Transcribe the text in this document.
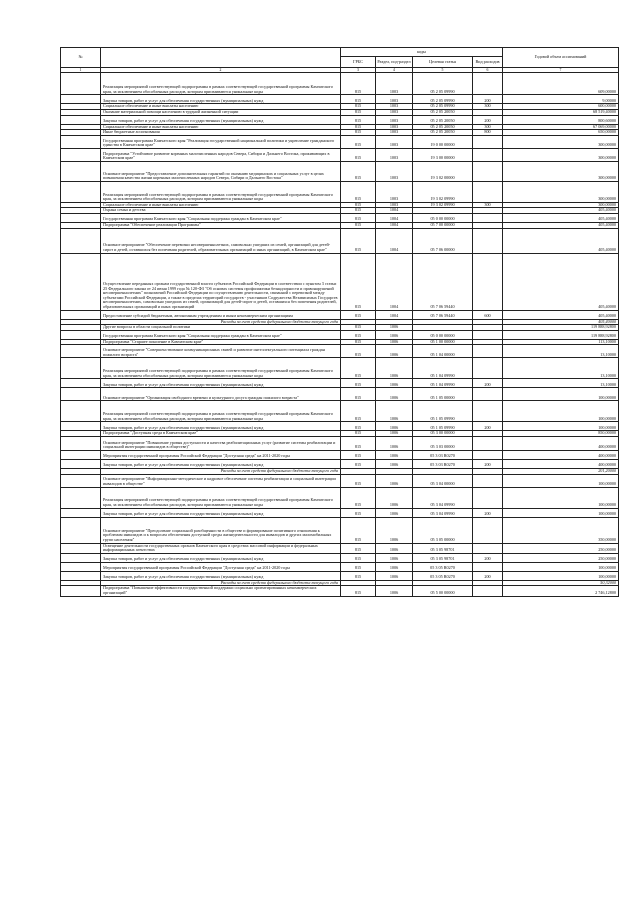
№		коды				Годовой объем ассигнований
		ГРБС	Раздел, под-раздел	Целевая статья	Вид расходов	
1	2	3	4	5	6	7
	Реализация мероприятий соответствующей подпрограммы в рамках соответствующей государственной программы Камчатского края, за исключением обособленных расходов, которым присваиваются уникальные коды	815	1003	05 2 05 09990		609,00000
	Закупка товаров, работ и услуг для обеспечения государственных (муниципальных) нужд	815	1003	05 2 05 09990	200	9,00000
	Социальное обеспечение и иные выплаты населению	815	1003	05 2 05 09990	300	600,00000
	Оказание материальной помощи населению в трудной жизненной ситуации	815	1003	05 2 05 20050		68 519,40000
	Закупка товаров, работ и услуг для обеспечения государственных (муниципальных) нужд	815	1003	05 2 05 20050	200	800,60000
	Социальное обеспечение и иные выплаты населению	815	1003	05 2 05 20050	300	67 069,00000
	Иные бюджетные ассигнования	815	1003	05 2 05 20050	800	650,00000
	Государственная программа Камчатского края "Реализация государственной национальной политики и укрепление гражданского единства в Камчатском крае"	815	1003	19 0 00 00000		300,00000
	Подпрограмма "Устойчивое развитие коренных малочисленных народов Севера, Сибири и Дальнего Востока, проживающих в Камчатском крае"	815	1003	19 3 00 00000		300,00000
	Основное мероприятие "Предоставление дополнительных гарантий по оказанию медицинских и социальных услуг в целях повышения качества жизни коренных малочисленных народов Севера, Сибири и Дальнего Востока"	815	1003	19 3 02 00000		300,00000
	Реализация мероприятий соответствующей подпрограммы в рамках соответствующей государственной программы Камчатского края, за исключением обособленных расходов, которым присваиваются уникальные коды	815	1003	19 3 02 09990		300,00000
	Социальное обеспечение и иные выплаты населению	815	1003	19 3 02 09990	300	300,00000
	Охрана семьи и детства	815	1004			405,40000
	Государственная программа Камчатского края "Социальная поддержка граждан в Камчатском крае"	815	1004	05 0 00 00000		405,40000
	Подпрограмма "Обеспечение реализации Программы"	815	1004	05 7 00 00000		405,40000
	Основное мероприятие "Обеспечение перевозки несовершеннолетних, самовольно ушедших из семей, организаций для детей-сирот и детей, оставшихся без попечения родителей, образовательных организаций и иных организаций, в Камчатском крае"	815	1004	05 7 06 00000		405,40000
	Осуществление переданных органам государственной власти субъектов Российской Федерации в соответствии с пунктом 3 статьи 25 Федерального закона от 24 июня 1999 года № 120-ФЗ "Об основах системы профилактики безнадзорности и правонарушений несовершеннолетних" полномочий Российской Федерации по осуществлению деятельности, связанной с перевозкой между субъектами Российской Федерации, а также в пределах территорий государств - участников Содружества Независимых Государств несовершеннолетних, самовольно ушедших из семей, организаций для детей-сирот и детей, оставшихся без попечения родителей, образовательных организаций и иных организаций	815	1004	05 7 06 59440		405,40000
	Предоставление субсидий бюджетным, автономным учреждениям и иным некоммерческим организациям	815	1004	05 7 06 59440	600	405,40000
	Расходы за счет средств федерального бюджета текущего года					405,40000
	Другие вопросы в области социальной политики	815	1006			119 888,92800
	Государственная программа Камчатского края "Социальная поддержка граждан в Камчатском крае"	815	1006	05 0 00 00000		119 888,92800
	Подпрограмма "Старшее поколение в Камчатском крае"	815	1006	05 1 00 00000		113,10000
	Основное мероприятие "Совершенствование коммуникационных связей и развитие интеллектуального потенциала граждан пожилого возраста"	815	1006	05 1 04 00000		13,10000
	Реализация мероприятий соответствующей подпрограммы в рамках соответствующей государственной программы Камчатского края, за исключением обособленных расходов, которым присваиваются уникальные коды	815	1006	05 1 04 09990		13,10000
	Закупка товаров, работ и услуг для обеспечения государственных (муниципальных) нужд	815	1006	05 1 04 09990	200	13,10000
	Основное мероприятие "Организация свободного времени и культурного досуга граждан пожилого возраста"	815	1006	05 1 05 00000		100,00000
	Реализация мероприятий соответствующей подпрограммы в рамках соответствующей государственной программы Камчатского края, за исключением обособленных расходов, которым присваиваются уникальные коды	815	1006	05 1 05 09990		100,00000
	Закупка товаров, работ и услуг для обеспечения государственных (муниципальных) нужд	815	1006	05 1 05 09990	200	100,00000
	Подпрограмма "Доступная среда в Камчатском крае"	815	1006	05 3 00 00000		850,00000
	Основное мероприятие "Повышение уровня доступности и качества реабилитационных услуг (развитие системы реабилитации и социальной интеграции инвалидов в обществе)"	815	1006	05 3 03 00000		400,00000
	Мероприятия государственной программы Российской Федерации "Доступная среда" на 2011-2020 годы	815	1006	05 3 03 R0270		400,00000
	Закупка товаров, работ и услуг для обеспечения государственных (муниципальных) нужд	815	1006	05 3 03 R0270	200	400,00000
	Расходы за счет средств федерального бюджета текущего года					201,20000
	Основное мероприятие "Информационно-методическое и кадровое обеспечение системы реабилитации и социальной интеграции инвалидов в обществе"	815	1006	05 3 04 00000		100,00000
	Реализация мероприятий соответствующей подпрограммы в рамках соответствующей государственной программы Камчатского края, за исключением обособленных расходов, которым присваиваются уникальные коды	815	1006	05 3 04 09990		100,00000
	Закупка товаров, работ и услуг для обеспечения государственных (муниципальных) нужд	815	1006	05 3 04 09990	200	100,00000
	Основное мероприятие "Преодоление социальной разобщенности в обществе и формирование позитивного отношения к проблемам инвалидов и к вопросам обеспечения доступной среды жизнедеятельности для инвалидов и других маломобильных групп населения"	815	1006	05 3 05 00000		350,00000
	Освещение деятельности государственных органов Камчатского края в средствах массовой информации и федеральных информационных агентствах	815	1006	05 3 05 98701		250,00000
	Закупка товаров, работ и услуг для обеспечения государственных (муниципальных) нужд	815	1006	05 3 05 98701	200	250,00000
	Мероприятия государственной программы Российской Федерации "Доступная среда" на 2011-2020 годы	815	1006	05 3 05 R0270		100,00000
	Закупка товаров, работ и услуг для обеспечения государственных (муниципальных) нужд	815	1006	05 3 05 R0270	200	100,00000
	Расходы за счет средств федерального бюджета текущего года					50,32000
	Подпрограмма "Повышение эффективности государственной поддержки социально ориентированных некоммерческих организаций"	815	1006	05 5 00 00000		2 746,12800
